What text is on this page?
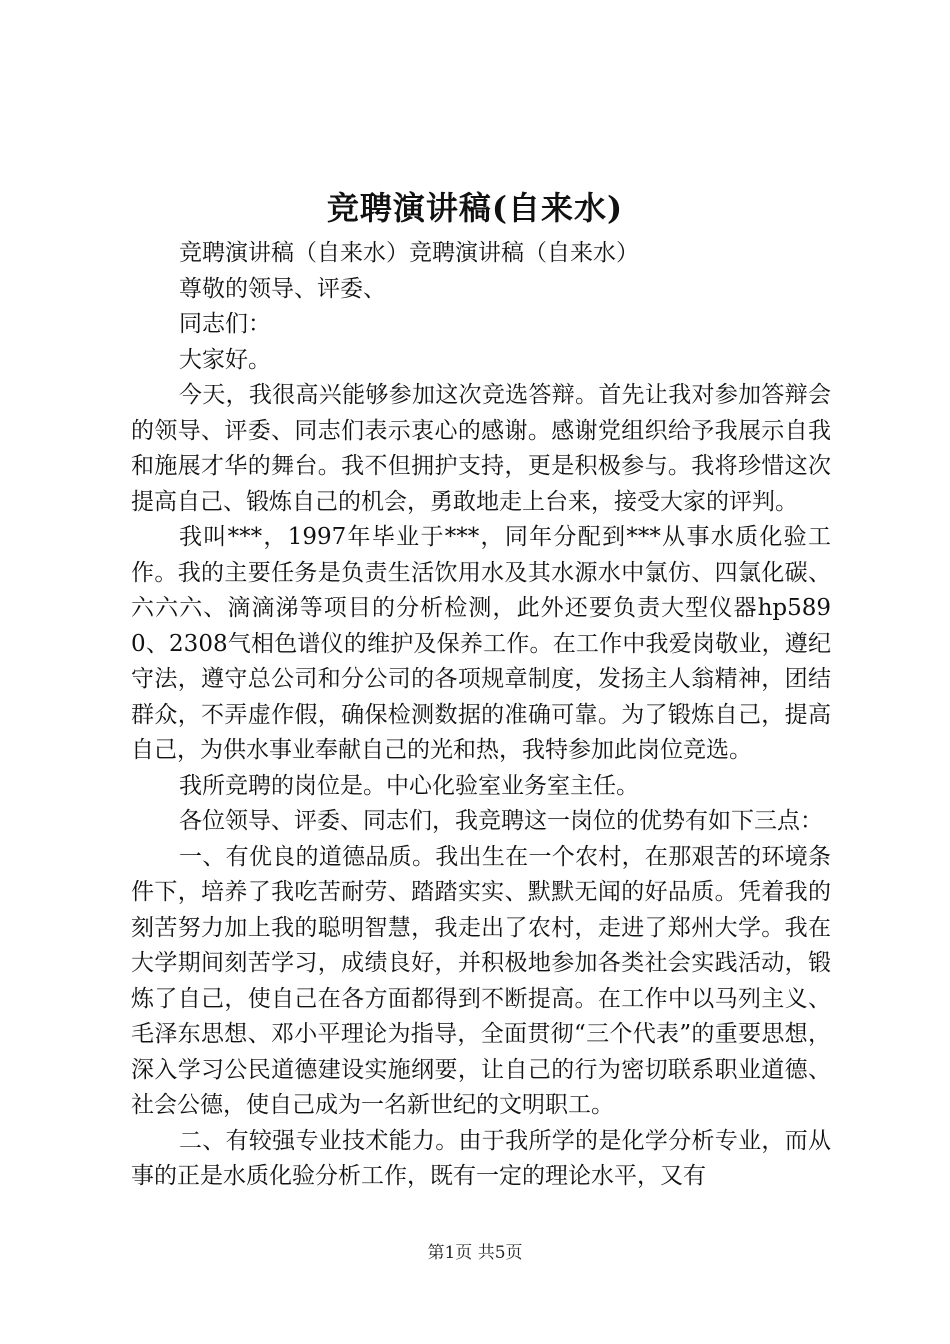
竞聘演讲稿(自来水)

竞聘演讲稿（自来水）竞聘演讲稿（自来水）

尊敬的领导、评委、

同志们：

大家好。

今天，我很高兴能够参加这次竞选答辩。首先让我对参加答辩会的领导、评委、同志们表示衷心的感谢。感谢党组织给予我展示自我和施展才华的舞台。我不但拥护支持，更是积极参与。我将珍惜这次提高自己、锻炼自己的机会，勇敢地走上台来，接受大家的评判。

我叫***，1997年毕业于***，同年分配到***从事水质化验工作。我的主要任务是负责生活饮用水及其水源水中氯仿、四氯化碳、六六六、滴滴涕等项目的分析检测，此外还要负责大型仪器hp5890、2308气相色谱仪的维护及保养工作。在工作中我爱岗敬业，遵纪守法，遵守总公司和分公司的各项规章制度，发扬主人翁精神，团结群众，不弄虚作假，确保检测数据的准确可靠。为了锻炼自己，提高自己，为供水事业奉献自己的光和热，我特参加此岗位竞选。

我所竞聘的岗位是。中心化验室业务室主任。

各位领导、评委、同志们，我竞聘这一岗位的优势有如下三点：

一、有优良的道德品质。我出生在一个农村，在那艰苦的环境条件下，培养了我吃苦耐劳、踏踏实实、默默无闻的好品质。凭着我的刻苦努力加上我的聪明智慧，我走出了农村，走进了郑州大学。我在大学期间刻苦学习，成绩良好，并积极地参加各类社会实践活动，锻炼了自己，使自己在各方面都得到不断提高。在工作中以马列主义、毛泽东思想、邓小平理论为指导，全面贯彻“三个代表”的重要思想，深入学习公民道德建设实施纲要，让自己的行为密切联系职业道德、社会公德，使自己成为一名新世纪的文明职工。

二、有较强专业技术能力。由于我所学的是化学分析专业，而从事的正是水质化验分析工作，既有一定的理论水平，又有

第1页 共5页
